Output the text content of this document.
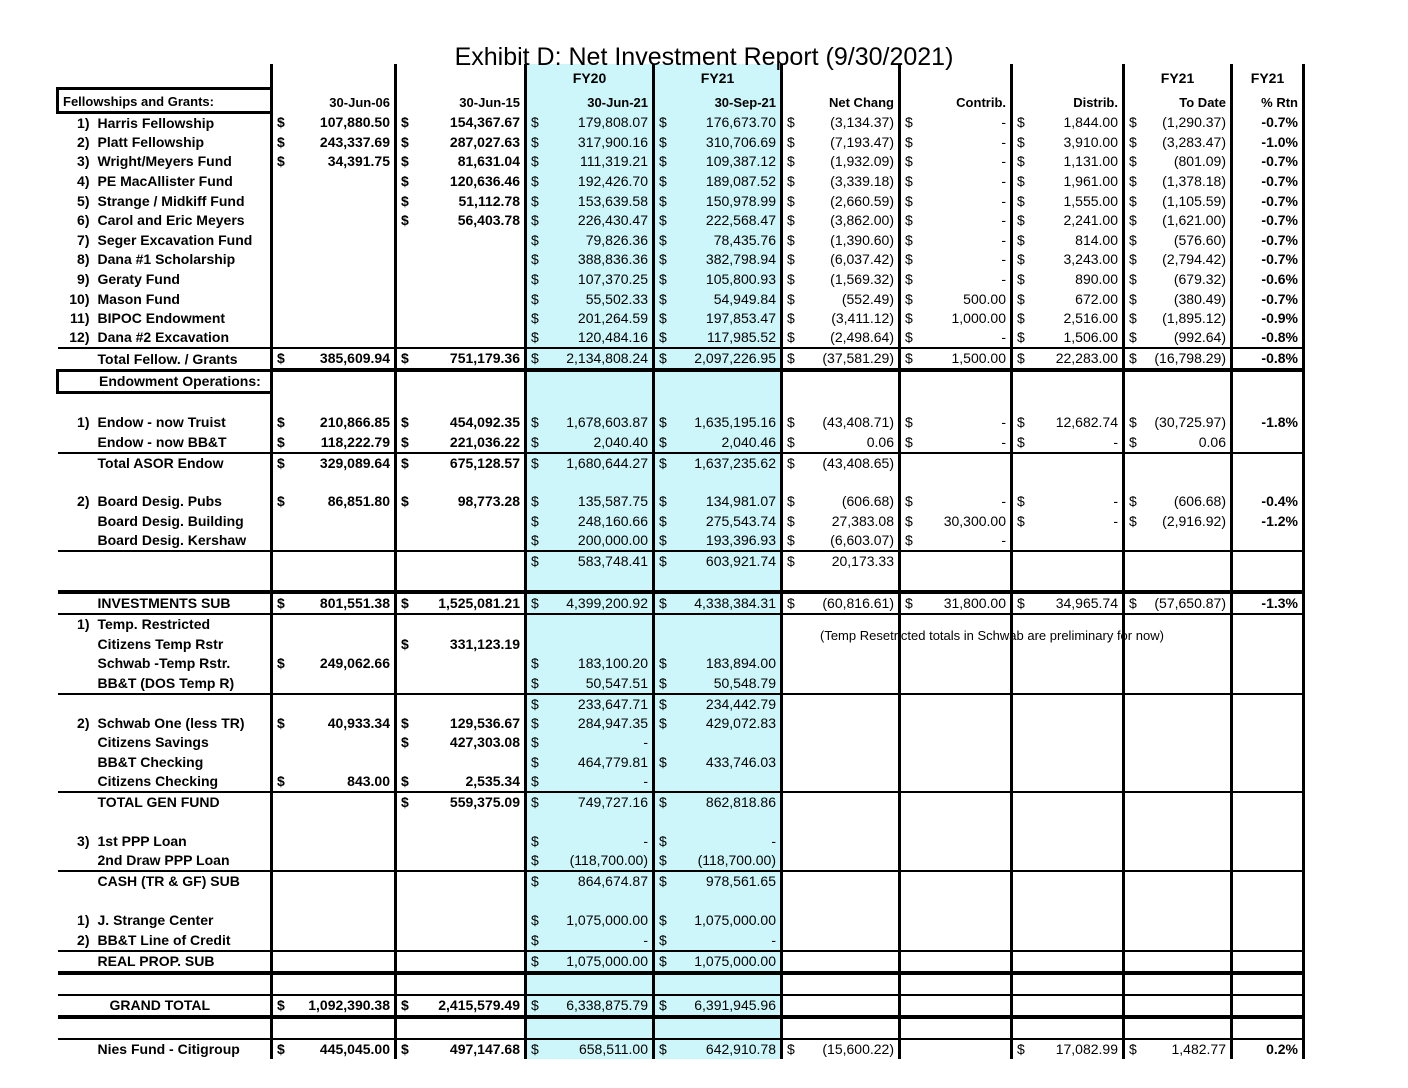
Exhibit D: Net Investment Report (9/30/2021)
			FY20	FY21				FY21	FY21
Fellowships and Grants:	30-Jun-06	30-Jun-15	30-Jun-21	30-Sep-21	Net Chang	Contrib.	Distrib.	To Date	% Rtn
1) Harris Fellowship	$ 107,880.50	$ 154,367.67	$ 179,808.07	$ 176,673.70	$ (3,134.37)	$ -	$ 1,844.00	$ (1,290.37)	-0.7%
2) Platt Fellowship	$ 243,337.69	$ 287,027.63	$ 317,900.16	$ 310,706.69	$ (7,193.47)	$ -	$ 3,910.00	$ (3,283.47)	-1.0%
3) Wright/Meyers Fund	$ 34,391.75	$ 81,631.04	$ 111,319.21	$ 109,387.12	$ (1,932.09)	$ -	$ 1,131.00	$ (801.09)	-0.7%
4) PE MacAllister Fund		$ 120,636.46	$ 192,426.70	$ 189,087.52	$ (3,339.18)	$ -	$ 1,961.00	$ (1,378.18)	-0.7%
5) Strange / Midkiff Fund		$ 51,112.78	$ 153,639.58	$ 150,978.99	$ (2,660.59)	$ -	$ 1,555.00	$ (1,105.59)	-0.7%
6) Carol and Eric Meyers		$ 56,403.78	$ 226,430.47	$ 222,568.47	$ (3,862.00)	$ -	$ 2,241.00	$ (1,621.00)	-0.7%
7) Seger Excavation Fund			$ 79,826.36	$ 78,435.76	$ (1,390.60)	$ -	$ 814.00	$ (576.60)	-0.7%
8) Dana #1 Scholarship			$ 388,836.36	$ 382,798.94	$ (6,037.42)	$ -	$ 3,243.00	$ (2,794.42)	-0.7%
9) Geraty Fund			$ 107,370.25	$ 105,800.93	$ (1,569.32)	$ -	$ 890.00	$ (679.32)	-0.6%
10) Mason Fund			$ 55,502.33	$ 54,949.84	$ (552.49)	$ 500.00	$ 672.00	$ (380.49)	-0.7%
11) BIPOC Endowment			$ 201,264.59	$ 197,853.47	$ (3,411.12)	$ 1,000.00	$ 2,516.00	$ (1,895.12)	-0.9%
12) Dana #2 Excavation			$ 120,484.16	$ 117,985.52	$ (2,498.64)	$ -	$ 1,506.00	$ (992.64)	-0.8%
Total Fellow. / Grants	$ 385,609.94	$ 751,179.36	$ 2,134,808.24	$ 2,097,226.95	$ (37,581.29)	$ 1,500.00	$ 22,283.00	$ (16,798.29)	-0.8%
Endowment Operations:									

1) Endow - now Truist	$ 210,866.85	$ 454,092.35	$ 1,678,603.87	$ 1,635,195.16	$ (43,408.71)	$ -	$ 12,682.74	$ (30,725.97)	-1.8%
Endow - now BB&T	$ 118,222.79	$ 221,036.22	$ 2,040.40	$ 2,040.46	$ 0.06	$ -	$ -	$ 0.06	
Total ASOR Endow	$ 329,089.64	$ 675,128.57	$ 1,680,644.27	$ 1,637,235.62	$ (43,408.65)				

2) Board Desig. Pubs	$ 86,851.80	$ 98,773.28	$ 135,587.75	$ 134,981.07	$ (606.68)	$ -	$ -	$ (606.68)	-0.4%
Board Desig. Building			$ 248,160.66	$ 275,543.74	$ 27,383.08	$ 30,300.00	$ -	$ (2,916.92)	-1.2%
Board Desig. Kershaw			$ 200,000.00	$ 193,396.93	$ (6,603.07)	$ -			

			$ 583,748.41	$ 603,921.74	$ 20,173.33				

INVESTMENTS SUB	$ 801,551.38	$ 1,525,081.21	$ 4,399,200.92	$ 4,338,384.31	$ (60,816.61)	$ 31,800.00	$ 34,965.74	$ (57,650.87)	-1.3%
1) Temp. Restricted									
Citizens Temp Rstr		$ 331,123.19							
Schwab -Temp Rstr.	$ 249,062.66		$ 183,100.20	$ 183,894.00					
BB&T (DOS Temp R)			$ 50,547.51	$ 50,548.79					

			$ 233,647.71	$ 234,442.79					
2) Schwab One (less TR)	$ 40,933.34	$ 129,536.67	$ 284,947.35	$ 429,072.83					
Citizens Savings		$ 427,303.08	$ -						
BB&T Checking			$ 464,779.81	$ 433,746.03					
Citizens Checking	$ 843.00	$ 2,535.34	$ -						
TOTAL GEN FUND		$ 559,375.09	$ 749,727.16	$ 862,818.86					

3) 1st PPP Loan			$ -	$ -					
2nd Draw PPP Loan			$ (118,700.00)	$ (118,700.00)					
CASH (TR & GF) SUB			$ 864,674.87	$ 978,561.65					

1) J. Strange Center			$ 1,075,000.00	$ 1,075,000.00					
2) BB&T Line of Credit			$ -	$ -					
REAL PROP. SUB			$ 1,075,000.00	$ 1,075,000.00					

GRAND TOTAL	$ 1,092,390.38	$ 2,415,579.49	$ 6,338,875.79	$ 6,391,945.96					

Nies Fund - Citigroup	$ 445,045.00	$ 497,147.68	$ 658,511.00	$ 642,910.78	$ (15,600.22)		$ 17,082.99	$ 1,482.77	0.2%
(Temp Resetricted totals in Schwab are preliminary for now)
